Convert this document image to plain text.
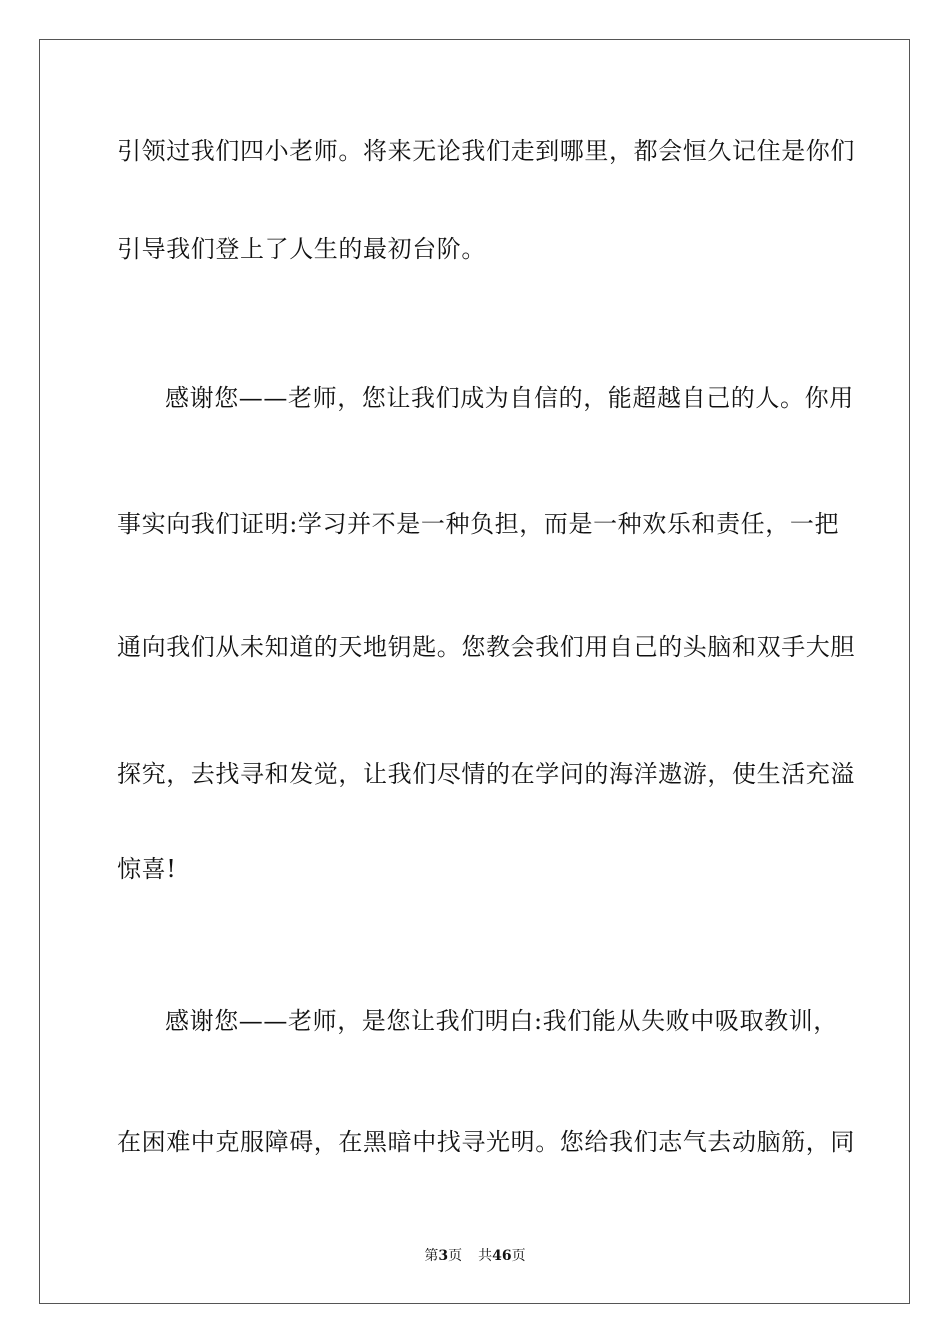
引领过我们四小老师。将来无论我们走到哪里，都会恒久记住是你们
引导我们登上了人生的最初台阶。
感谢您——老师，您让我们成为自信的，能超越自己的人。你用
事实向我们证明:学习并不是一种负担，而是一种欢乐和责任，一把
通向我们从未知道的天地钥匙。您教会我们用自己的头脑和双手大胆
探究，去找寻和发觉，让我们尽情的在学问的海洋遨游，使生活充溢
惊喜!
感谢您——老师，是您让我们明白:我们能从失败中吸取教训，
在困难中克服障碍，在黑暗中找寻光明。您给我们志气去动脑筋，同
第3页 共46页
